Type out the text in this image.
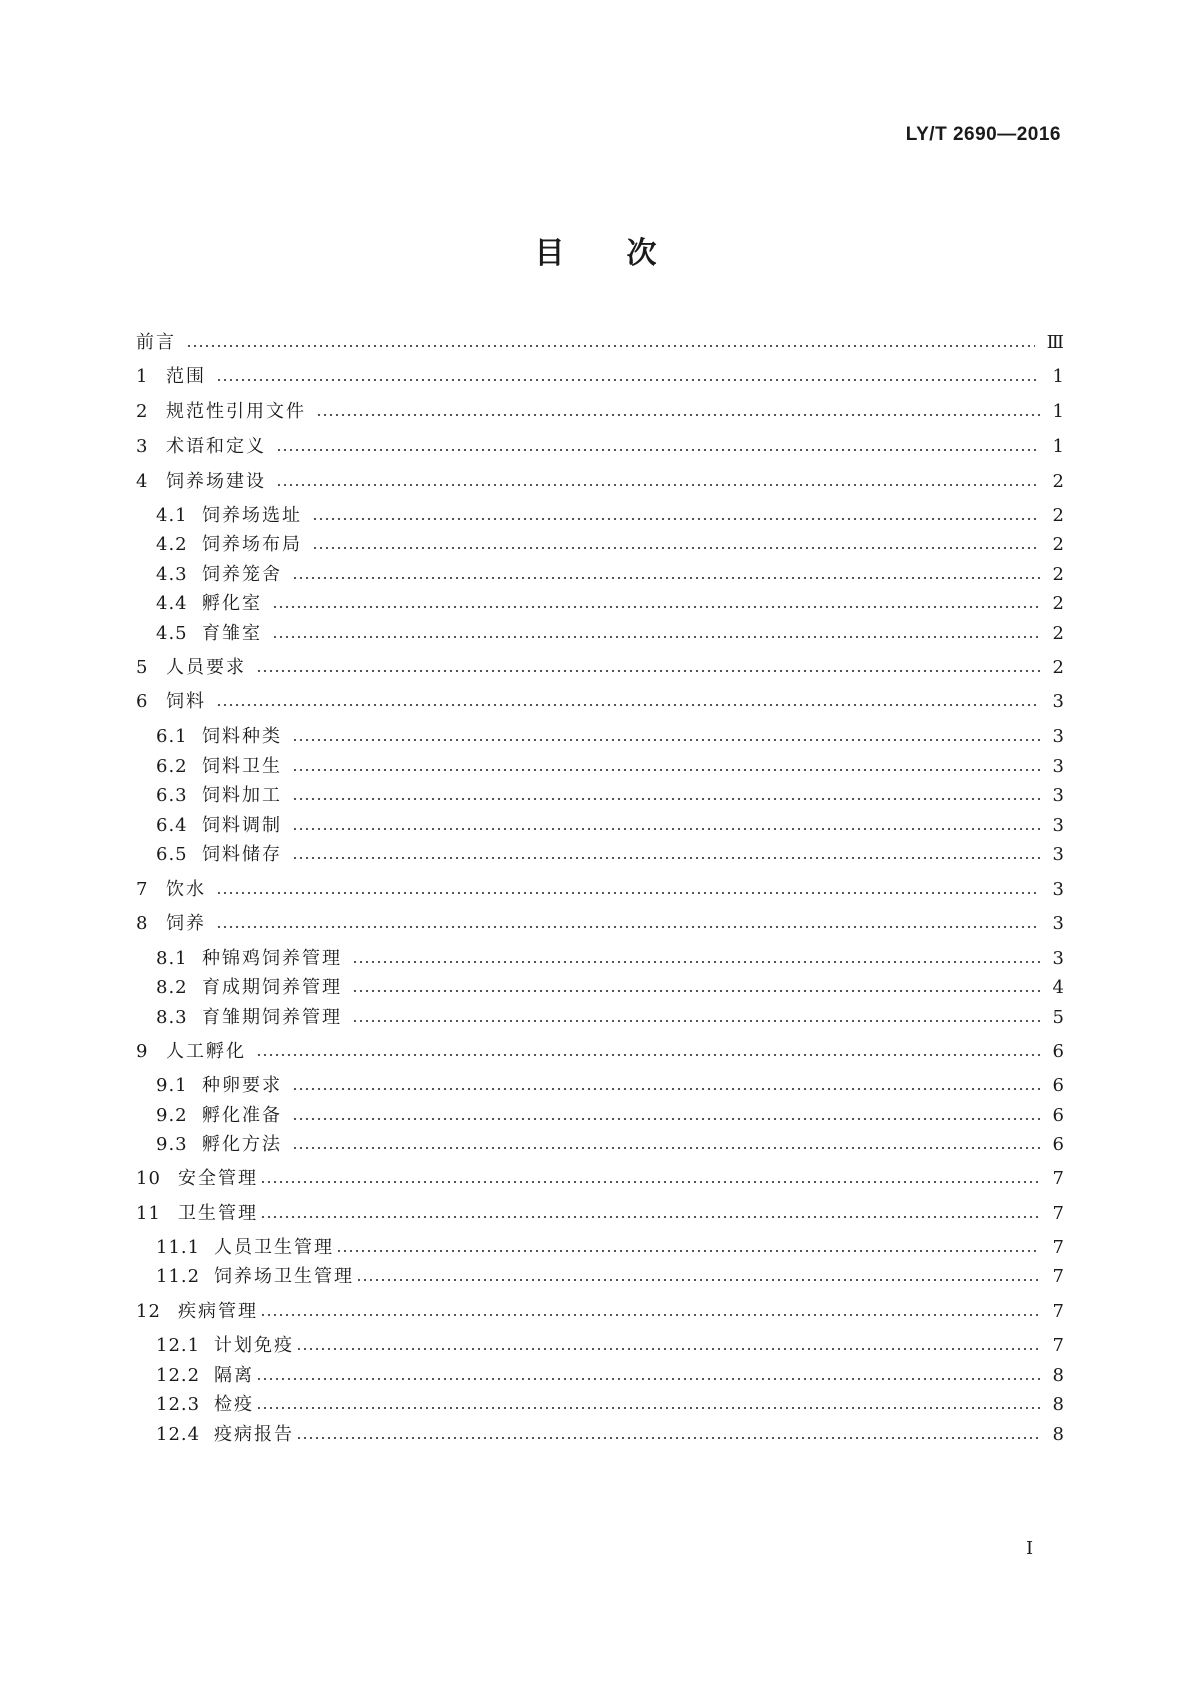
LY/T 2690—2016
目次
前言	Ⅲ
1 范围	1
2 规范性引用文件	1
3 术语和定义	1
4 饲养场建设	2
4.1 饲养场选址	2
4.2 饲养场布局	2
4.3 饲养笼舍	2
4.4 孵化室	2
4.5 育雏室	2
5 人员要求	2
6 饲料	3
6.1 饲料种类	3
6.2 饲料卫生	3
6.3 饲料加工	3
6.4 饲料调制	3
6.5 饲料储存	3
7 饮水	3
8 饲养	3
8.1 种锦鸡饲养管理	3
8.2 育成期饲养管理	4
8.3 育雏期饲养管理	5
9 人工孵化	6
9.1 种卵要求	6
9.2 孵化准备	6
9.3 孵化方法	6
10 安全管理	7
11 卫生管理	7
11.1 人员卫生管理	7
11.2 饲养场卫生管理	7
12 疾病管理	7
12.1 计划免疫	7
12.2 隔离	8
12.3 检疫	8
12.4 疫病报告	8
I
